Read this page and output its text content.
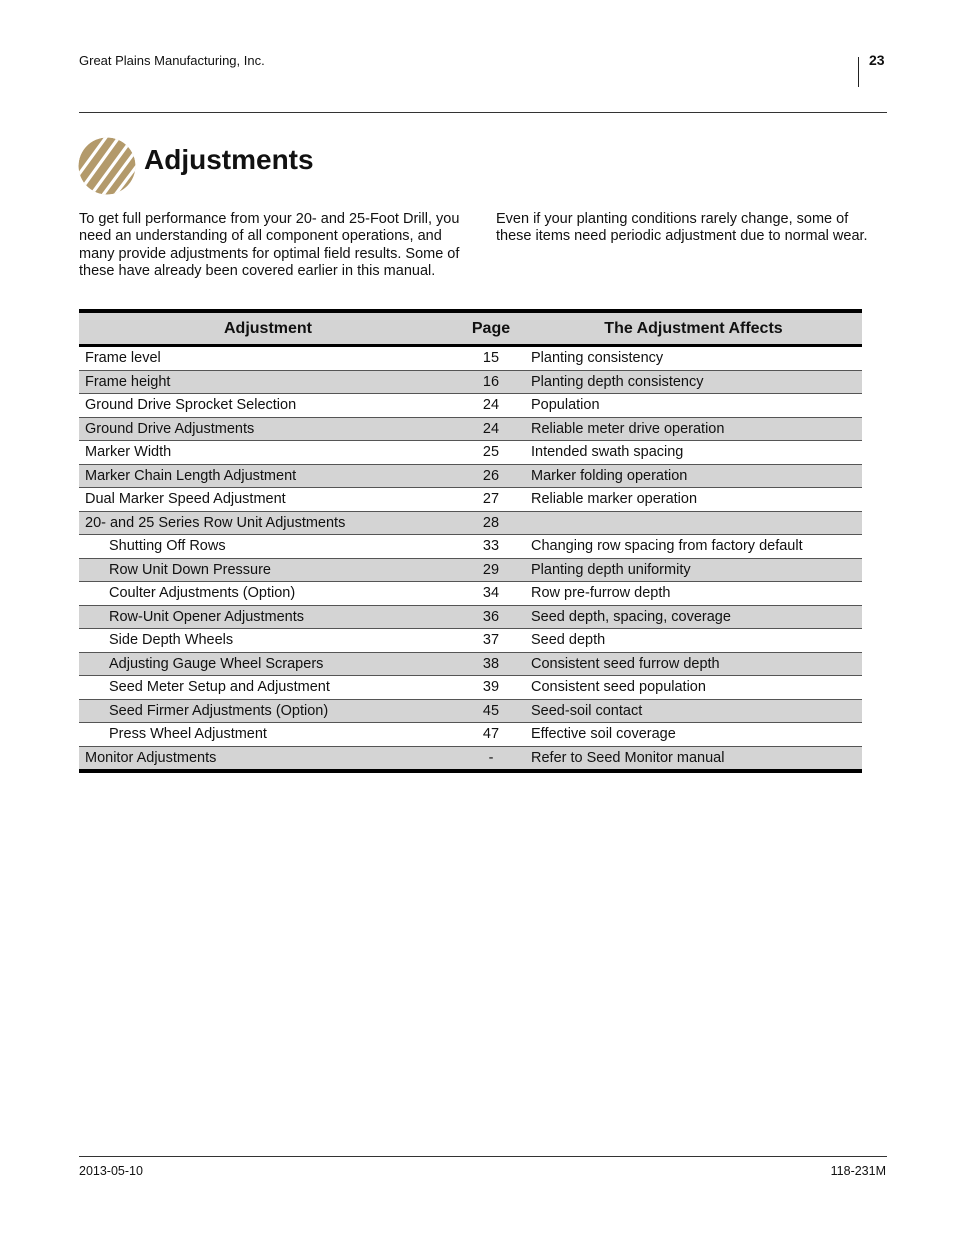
Great Plains Manufacturing, Inc.	23
Adjustments

To get full performance from your 20- and 25-Foot Drill, you need an understanding of all component operations, and many provide adjustments for optimal field results. Some of these have already been covered earlier in this manual.

Even if your planting conditions rarely change, some of these items need periodic adjustment due to normal wear.

Adjustment	Page	The Adjustment Affects
Frame level	15	Planting consistency
Frame height	16	Planting depth consistency
Ground Drive Sprocket Selection	24	Population
Ground Drive Adjustments	24	Reliable meter drive operation
Marker Width	25	Intended swath spacing
Marker Chain Length Adjustment	26	Marker folding operation
Dual Marker Speed Adjustment	27	Reliable marker operation
20- and 25 Series Row Unit Adjustments	28
Shutting Off Rows	33	Changing row spacing from factory default
Row Unit Down Pressure	29	Planting depth uniformity
Coulter Adjustments (Option)	34	Row pre-furrow depth
Row-Unit Opener Adjustments	36	Seed depth, spacing, coverage
Side Depth Wheels	37	Seed depth
Adjusting Gauge Wheel Scrapers	38	Consistent seed furrow depth
Seed Meter Setup and Adjustment	39	Consistent seed population
Seed Firmer Adjustments (Option)	45	Seed-soil contact
Press Wheel Adjustment	47	Effective soil coverage
Monitor Adjustments	-	Refer to Seed Monitor manual
2013-05-10	118-231M
